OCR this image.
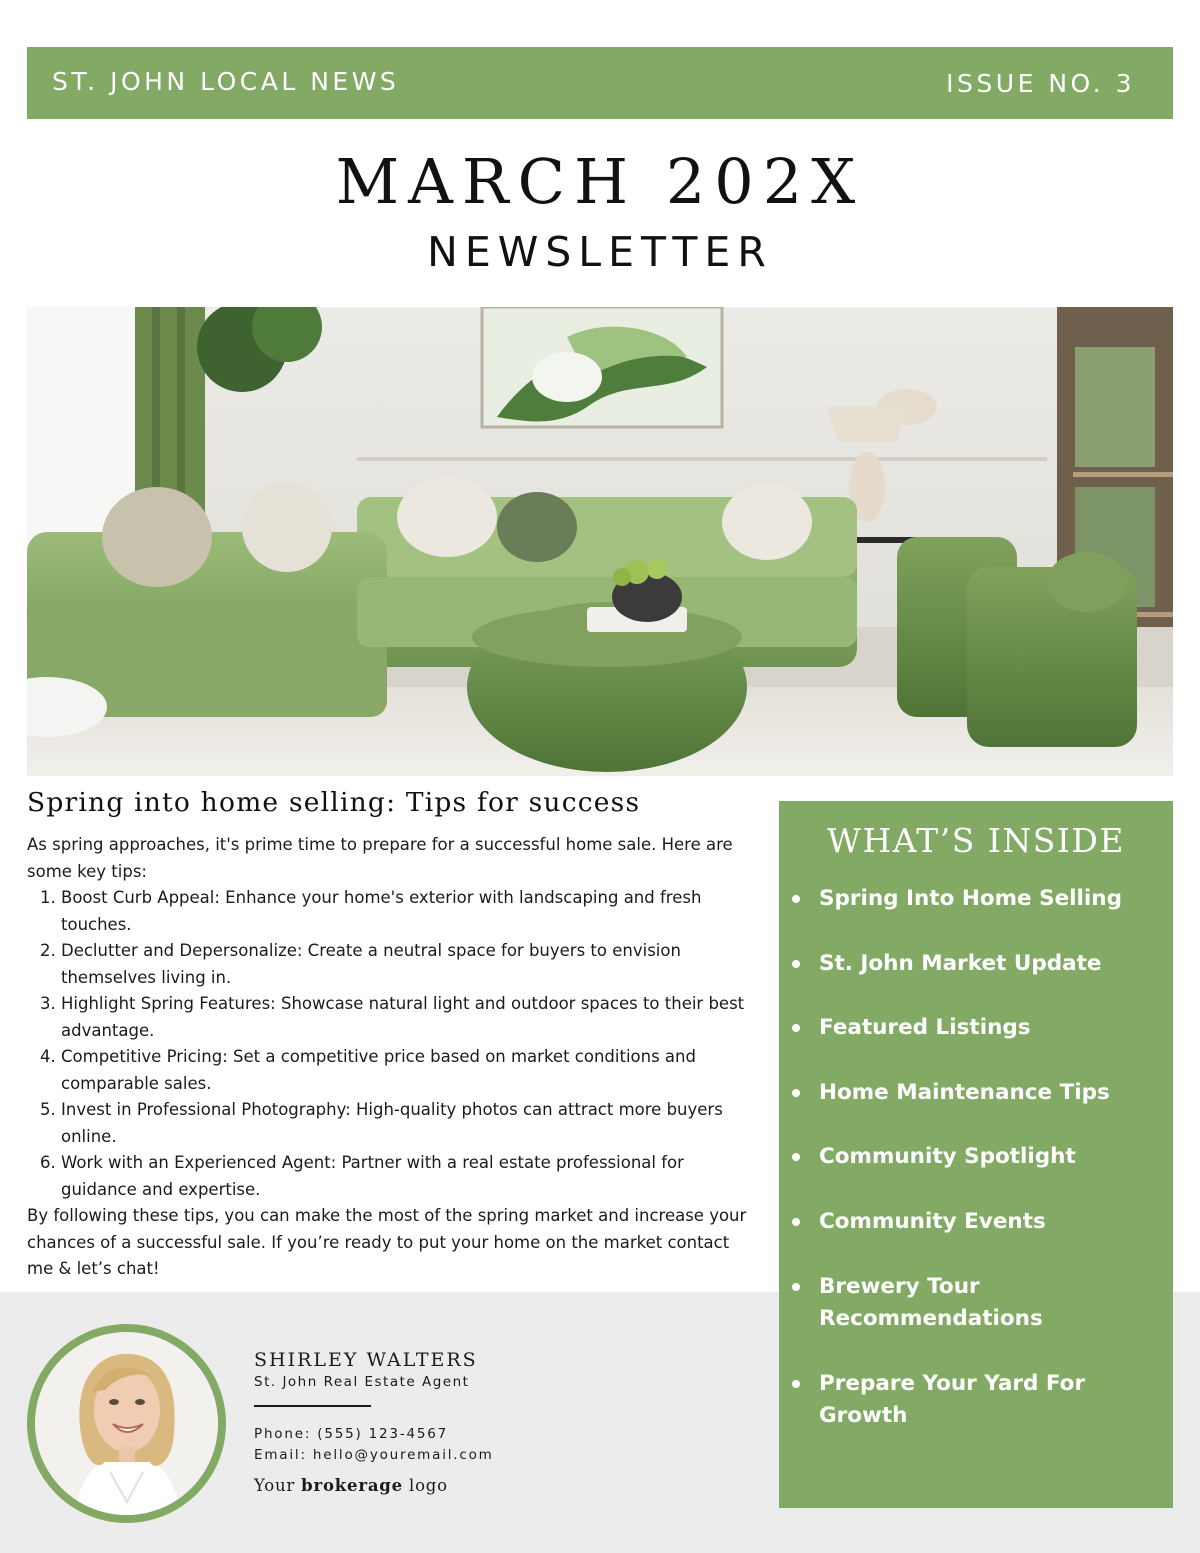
ST. JOHN LOCAL NEWS	ISSUE NO. 3
MARCH 202X
NEWSLETTER
Spring into home selling: Tips for success

As spring approaches, it's prime time to prepare for a successful home sale. Here are some key tips:

1. Boost Curb Appeal: Enhance your home's exterior with landscaping and fresh touches.
2. Declutter and Depersonalize: Create a neutral space for buyers to envision themselves living in.
3. Highlight Spring Features: Showcase natural light and outdoor spaces to their best advantage.
4. Competitive Pricing: Set a competitive price based on market conditions and comparable sales.
5. Invest in Professional Photography: High-quality photos can attract more buyers online.
6. Work with an Experienced Agent: Partner with a real estate professional for guidance and expertise.

By following these tips, you can make the most of the spring market and increase your chances of a successful sale. If you’re ready to put your home on the market contact me & let’s chat!

WHAT’S INSIDE
Spring Into Home Selling
St. John Market Update
Featured Listings
Home Maintenance Tips
Community Spotlight
Community Events
Brewery Tour Recommendations
Prepare Your Yard For Growth
SHIRLEY WALTERS
St. John Real Estate Agent
Phone: (555) 123-4567
Email: hello@youremail.com
Your brokerage logo
